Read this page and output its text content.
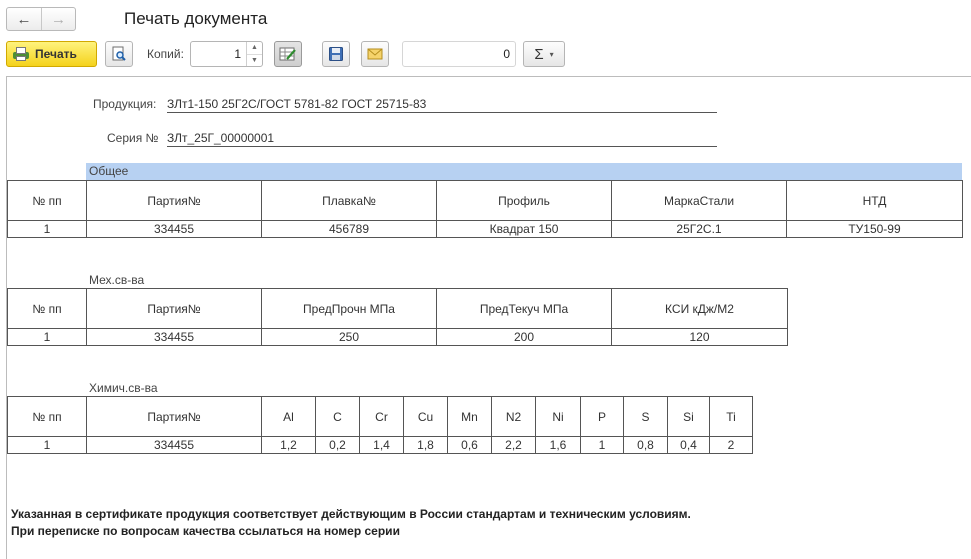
← →	Печать документа
Печать	Копий:	1	▲
▼	0	Σ ▾
Продукция: ЗЛт1-150 25Г2С/ГОСТ 5781-82 ГОСТ 25715-83
Серия № ЗЛт_25Г_00000001
Общее
№ пп	Партия№	Плавка№	Профиль	МаркаСтали	НТД
1	334455	456789	Квадрат 150	25Г2С.1	ТУ150-99
Мех.св-ва
№ пп	Партия№	ПредПрочн МПа	ПредТекуч МПа	КСИ кДж/М2
1	334455	250	200	120
Химич.св-ва
№ пп	Партия№	Al	C	Cr	Cu	Mn	N2	Ni	P	S	Si	Ti
1	334455	1,2	0,2	1,4	1,8	0,6	2,2	1,6	1	0,8	0,4	2
Указанная в сертификате продукция соответствует действующим в России стандартам и техническим условиям.
При переписке по вопросам качества ссылаться на номер серии
